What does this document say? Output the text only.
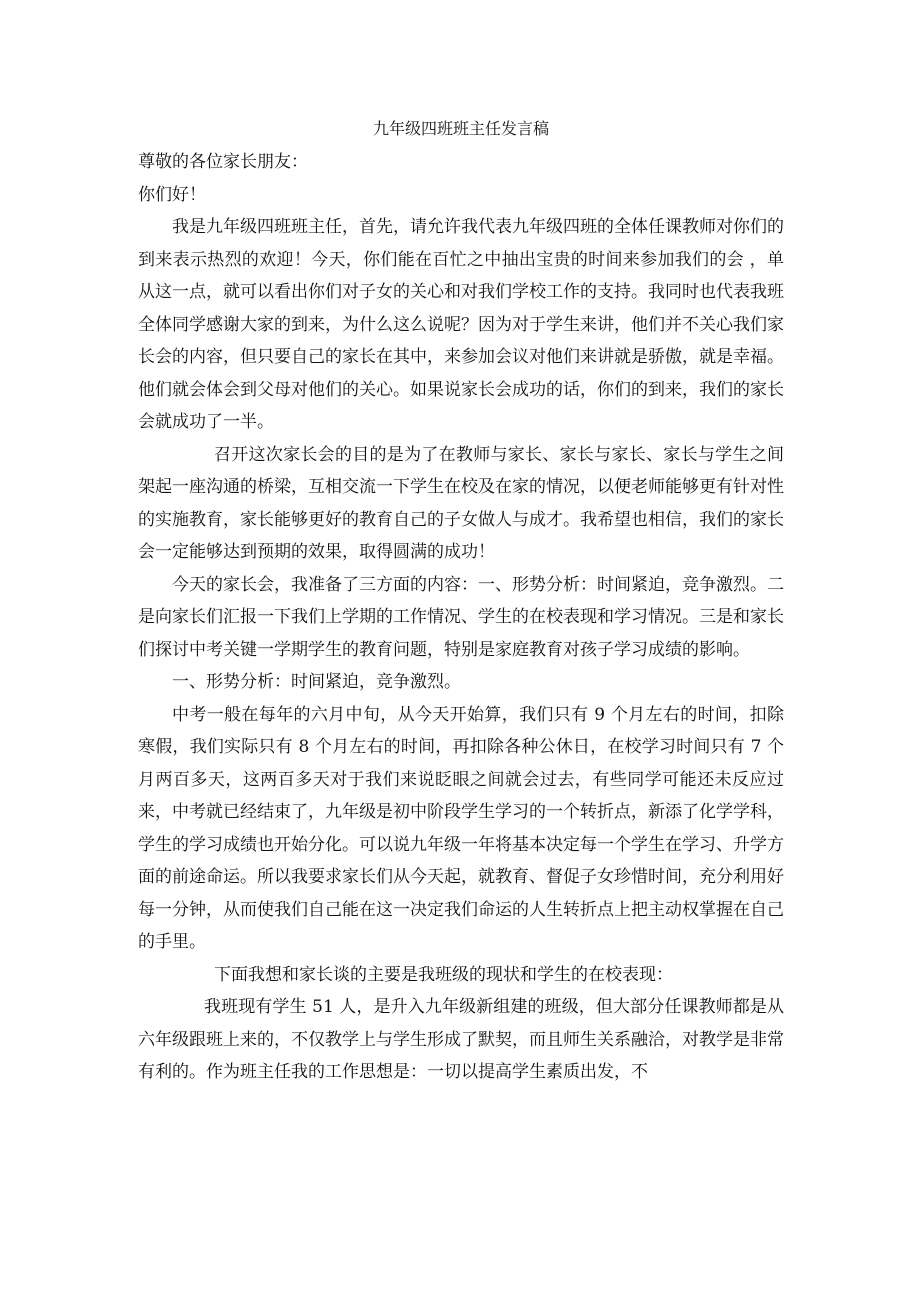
九年级四班班主任发言稿
尊敬的各位家长朋友：
你们好！

我是九年级四班班主任，首先，请允许我代表九年级四班的全体任课教师对你们的到来表示热烈的欢迎！今天，你们能在百忙之中抽出宝贵的时间来参加我们的会 ，单从这一点，就可以看出你们对子女的关心和对我们学校工作的支持。我同时也代表我班全体同学感谢大家的到来，为什么这么说呢？因为对于学生来讲，他们并不关心我们家长会的内容，但只要自己的家长在其中，来参加会议对他们来讲就是骄傲，就是幸福。他们就会体会到父母对他们的关心。如果说家长会成功的话，你们的到来，我们的家长会就成功了一半。

召开这次家长会的目的是为了在教师与家长、家长与家长、家长与学生之间架起一座沟通的桥梁，互相交流一下学生在校及在家的情况，以便老师能够更有针对性的实施教育，家长能够更好的教育自己的子女做人与成才。我希望也相信，我们的家长会一定能够达到预期的效果，取得圆满的成功！

今天的家长会，我准备了三方面的内容：一、形势分析：时间紧迫，竞争激烈。二是向家长们汇报一下我们上学期的工作情况、学生的在校表现和学习情况。三是和家长们探讨中考关键一学期学生的教育问题，特别是家庭教育对孩子学习成绩的影响。

一、形势分析：时间紧迫，竞争激烈。

中考一般在每年的六月中旬，从今天开始算，我们只有 9 个月左右的时间，扣除寒假，我们实际只有 8 个月左右的时间，再扣除各种公休日，在校学习时间只有 7 个月两百多天，这两百多天对于我们来说眨眼之间就会过去，有些同学可能还未反应过来，中考就已经结束了，九年级是初中阶段学生学习的一个转折点，新添了化学学科，学生的学习成绩也开始分化。可以说九年级一年将基本决定每一个学生在学习、升学方面的前途命运。所以我要求家长们从今天起，就教育、督促子女珍惜时间，充分利用好每一分钟，从而使我们自己能在这一决定我们命运的人生转折点上把主动权掌握在自己的手里。

下面我想和家长谈的主要是我班级的现状和学生的在校表现：

我班现有学生 51 人，是升入九年级新组建的班级，但大部分任课教师都是从六年级跟班上来的，不仅教学上与学生形成了默契，而且师生关系融洽，对教学是非常有利的。作为班主任我的工作思想是：一切以提高学生素质出发，不
